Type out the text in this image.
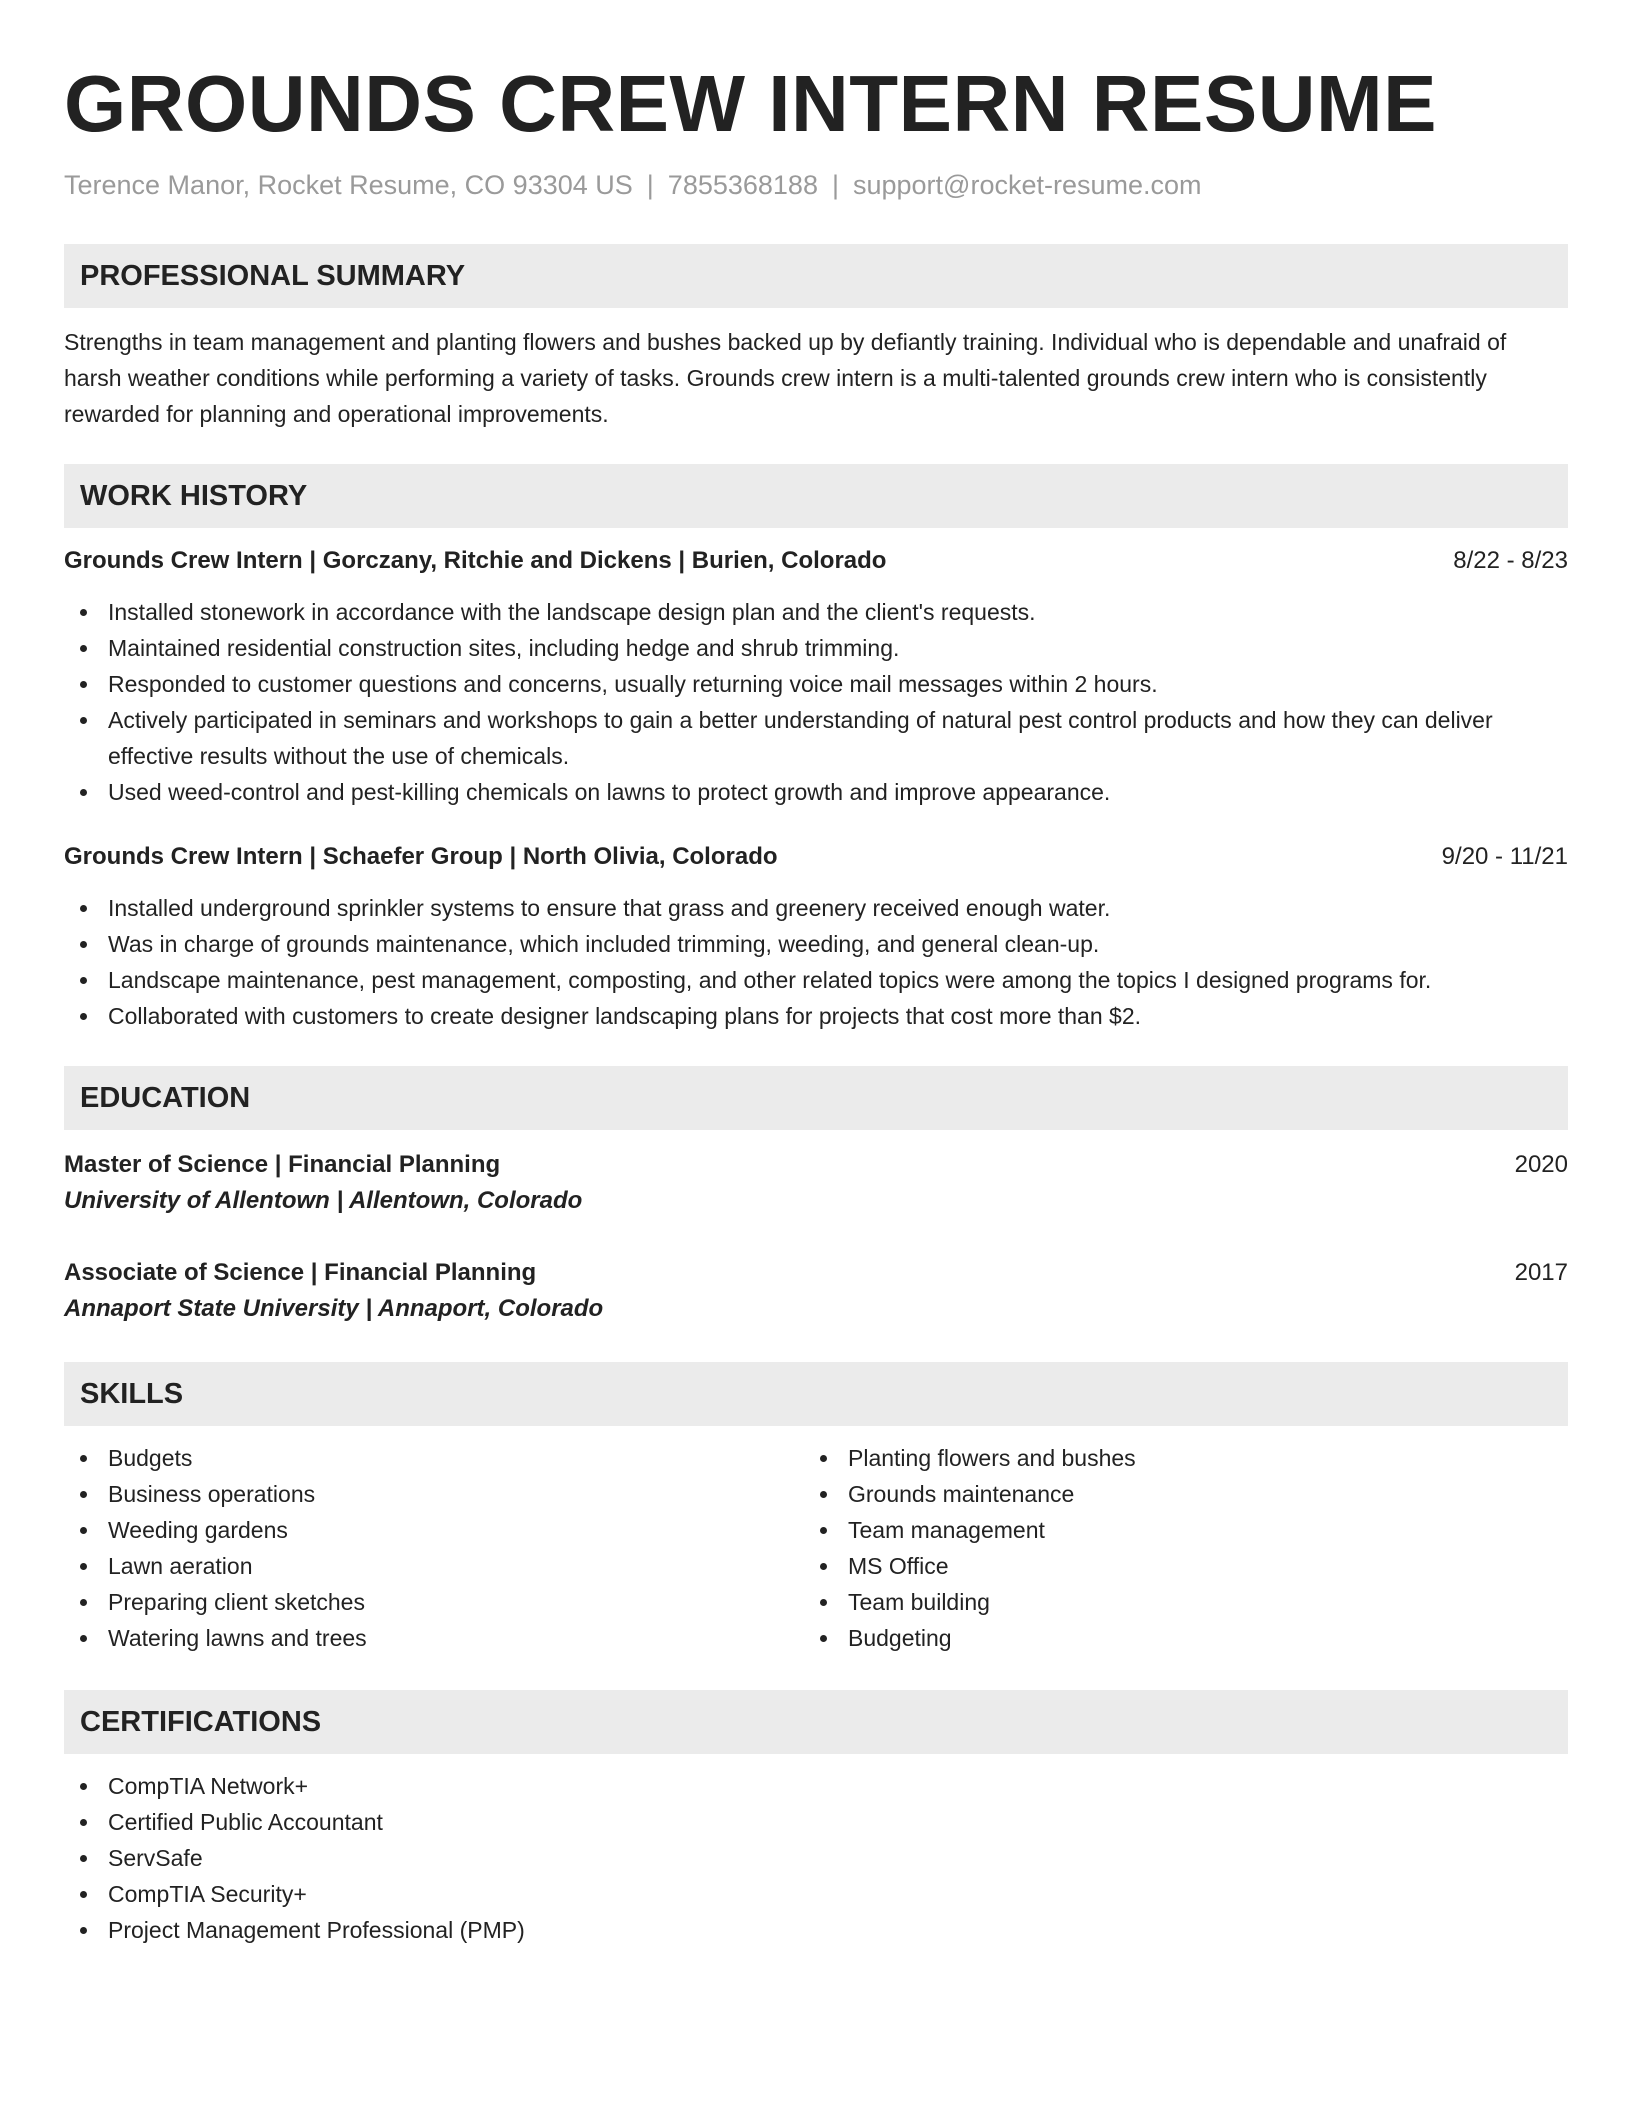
GROUNDS CREW INTERN RESUME
Terence Manor, Rocket Resume, CO 93304 US | 7855368188 | support@rocket-resume.com
PROFESSIONAL SUMMARY

Strengths in team management and planting flowers and bushes backed up by defiantly training. Individual who is dependable and unafraid of harsh weather conditions while performing a variety of tasks. Grounds crew intern is a multi-talented grounds crew intern who is consistently rewarded for planning and operational improvements.

WORK HISTORY
Grounds Crew Intern | Gorczany, Ritchie and Dickens | Burien, Colorado	8/22 - 8/23
Installed stonework in accordance with the landscape design plan and the client's requests.
Maintained residential construction sites, including hedge and shrub trimming.
Responded to customer questions and concerns, usually returning voice mail messages within 2 hours.
Actively participated in seminars and workshops to gain a better understanding of natural pest control products and how they can deliver effective results without the use of chemicals.
Used weed-control and pest-killing chemicals on lawns to protect growth and improve appearance.
Grounds Crew Intern | Schaefer Group | North Olivia, Colorado	9/20 - 11/21
Installed underground sprinkler systems to ensure that grass and greenery received enough water.
Was in charge of grounds maintenance, which included trimming, weeding, and general clean-up.
Landscape maintenance, pest management, composting, and other related topics were among the topics I designed programs for.
Collaborated with customers to create designer landscaping plans for projects that cost more than $2.
EDUCATION
Master of Science | Financial Planning	2020
University of Allentown | Allentown, Colorado
Associate of Science | Financial Planning	2017
Annaport State University | Annaport, Colorado
SKILLS
Budgets
Business operations
Weeding gardens
Lawn aeration
Preparing client sketches
Watering lawns and trees
Planting flowers and bushes
Grounds maintenance
Team management
MS Office
Team building
Budgeting
CERTIFICATIONS
CompTIA Network+
Certified Public Accountant
ServSafe
CompTIA Security+
Project Management Professional (PMP)
